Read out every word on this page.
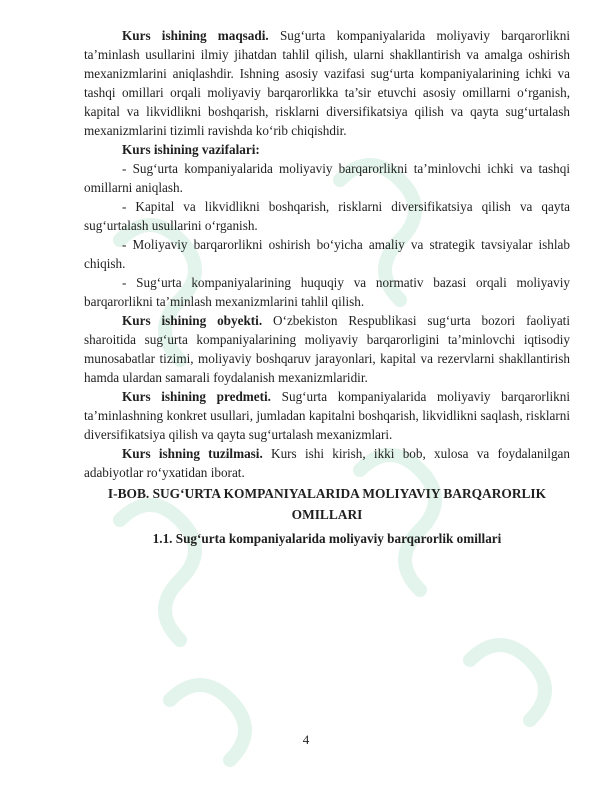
Kurs ishining maqsadi. Sug‘urta kompaniyalarida moliyaviy barqarorlikni ta’minlash usullarini ilmiy jihatdan tahlil qilish, ularni shakllantirish va amalga oshirish mexanizmlarini aniqlashdir. Ishning asosiy vazifasi sug‘urta kompaniyalarining ichki va tashqi omillari orqali moliyaviy barqarorlikka ta’sir etuvchi asosiy omillarni o‘rganish, kapital va likvidlikni boshqarish, risklarni diversifikatsiya qilish va qayta sug‘urtalash mexanizmlarini tizimli ravishda ko‘rib chiqishdir.

Kurs ishining vazifalari:

- Sug‘urta kompaniyalarida moliyaviy barqarorlikni ta’minlovchi ichki va tashqi omillarni aniqlash.

- Kapital va likvidlikni boshqarish, risklarni diversifikatsiya qilish va qayta sug‘urtalash usullarini o‘rganish.

- Moliyaviy barqarorlikni oshirish bo‘yicha amaliy va strategik tavsiyalar ishlab chiqish.

- Sug‘urta kompaniyalarining huquqiy va normativ bazasi orqali moliyaviy barqarorlikni ta’minlash mexanizmlarini tahlil qilish.

Kurs ishining obyekti. O‘zbekiston Respublikasi sug‘urta bozori faoliyati sharoitida sug‘urta kompaniyalarining moliyaviy barqarorligini ta’minlovchi iqtisodiy munosabatlar tizimi, moliyaviy boshqaruv jarayonlari, kapital va rezervlarni shakllantirish hamda ulardan samarali foydalanish mexanizmlaridir.

Kurs ishining predmeti. Sug‘urta kompaniyalarida moliyaviy barqarorlikni ta’minlashning konkret usullari, jumladan kapitalni boshqarish, likvidlikni saqlash, risklarni diversifikatsiya qilish va qayta sug‘urtalash mexanizmlari.

Kurs ishning tuzilmasi. Kurs ishi kirish, ikki bob, xulosa va foydalanilgan adabiyotlar ro‘yxatidan iborat.

I-BOB. SUG‘URTA KOMPANIYALARIDA MOLIYAVIY BARQARORLIK OMILLARI

1.1. Sug‘urta kompaniyalarida moliyaviy barqarorlik omillari

4
